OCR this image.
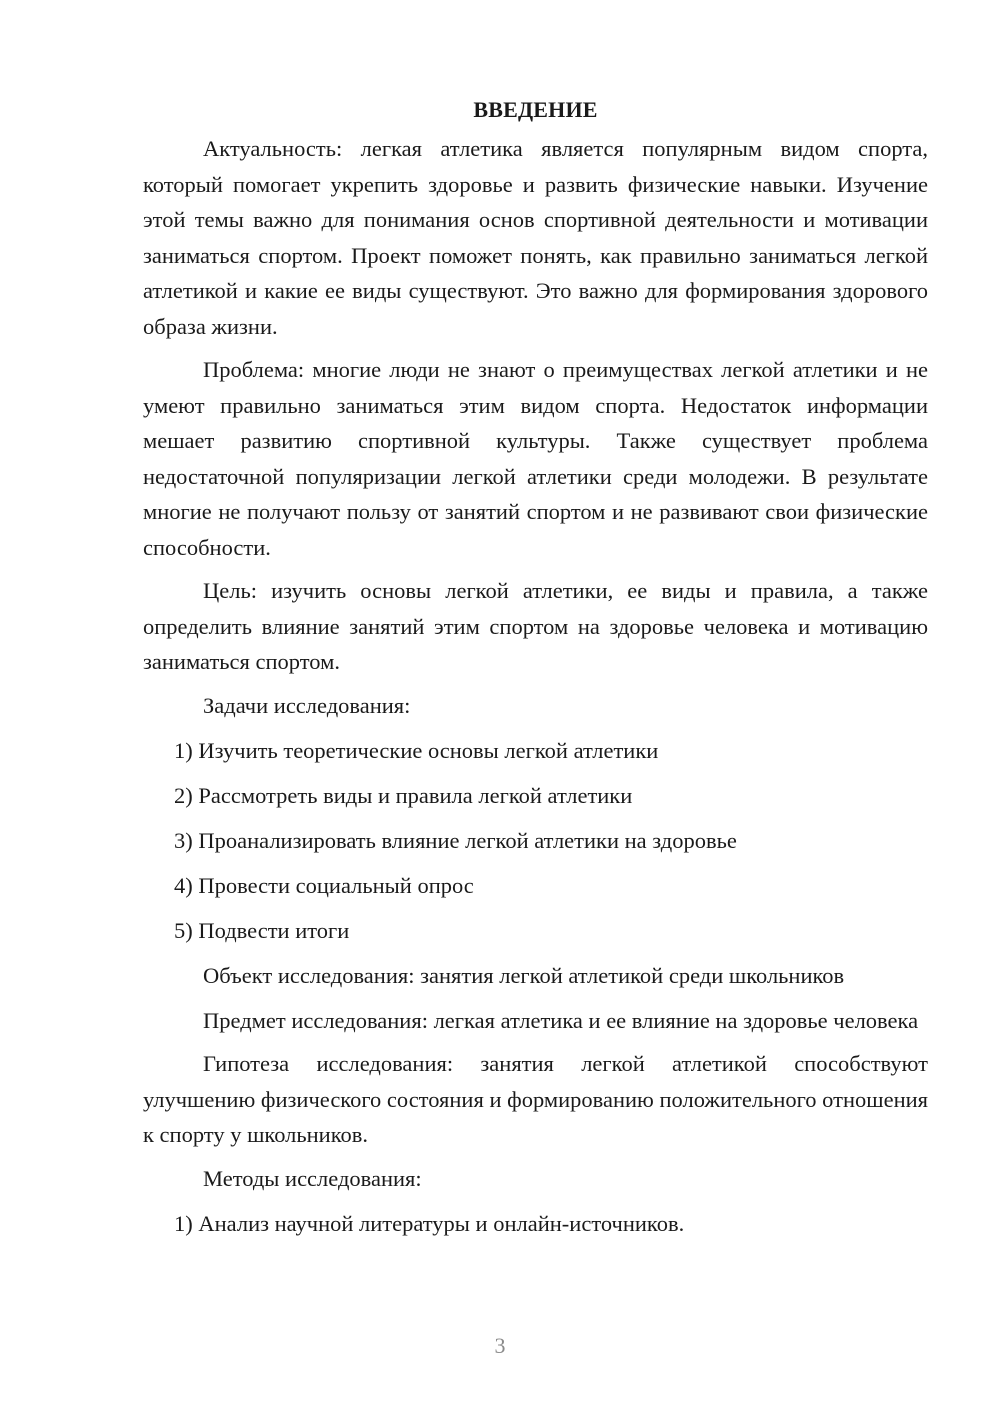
ВВЕДЕНИЕ

Актуальность: легкая атлетика является популярным видом спорта, который помогает укрепить здоровье и развить физические навыки. Изучение этой темы важно для понимания основ спортивной деятельности и мотивации заниматься спортом. Проект поможет понять, как правильно заниматься легкой атлетикой и какие ее виды существуют. Это важно для формирования здорового образа жизни.

Проблема: многие люди не знают о преимуществах легкой атлетики и не умеют правильно заниматься этим видом спорта. Недостаток информации мешает развитию спортивной культуры. Также существует проблема недостаточной популяризации легкой атлетики среди молодежи. В результате многие не получают пользу от занятий спортом и не развивают свои физические способности.

Цель: изучить основы легкой атлетики, ее виды и правила, а также определить влияние занятий этим спортом на здоровье человека и мотивацию заниматься спортом.

Задачи исследования:
1) Изучить теоретические основы легкой атлетики
2) Рассмотреть виды и правила легкой атлетики
3) Проанализировать влияние легкой атлетики на здоровье
4) Провести социальный опрос
5) Подвести итоги
Объект исследования: занятия легкой атлетикой среди школьников

Предмет исследования: легкая атлетика и ее влияние на здоровье человека

Гипотеза исследования: занятия легкой атлетикой способствуют улучшению физического состояния и формированию положительного отношения к спорту у школьников.

Методы исследования:
1) Анализ научной литературы и онлайн-источников.
3
